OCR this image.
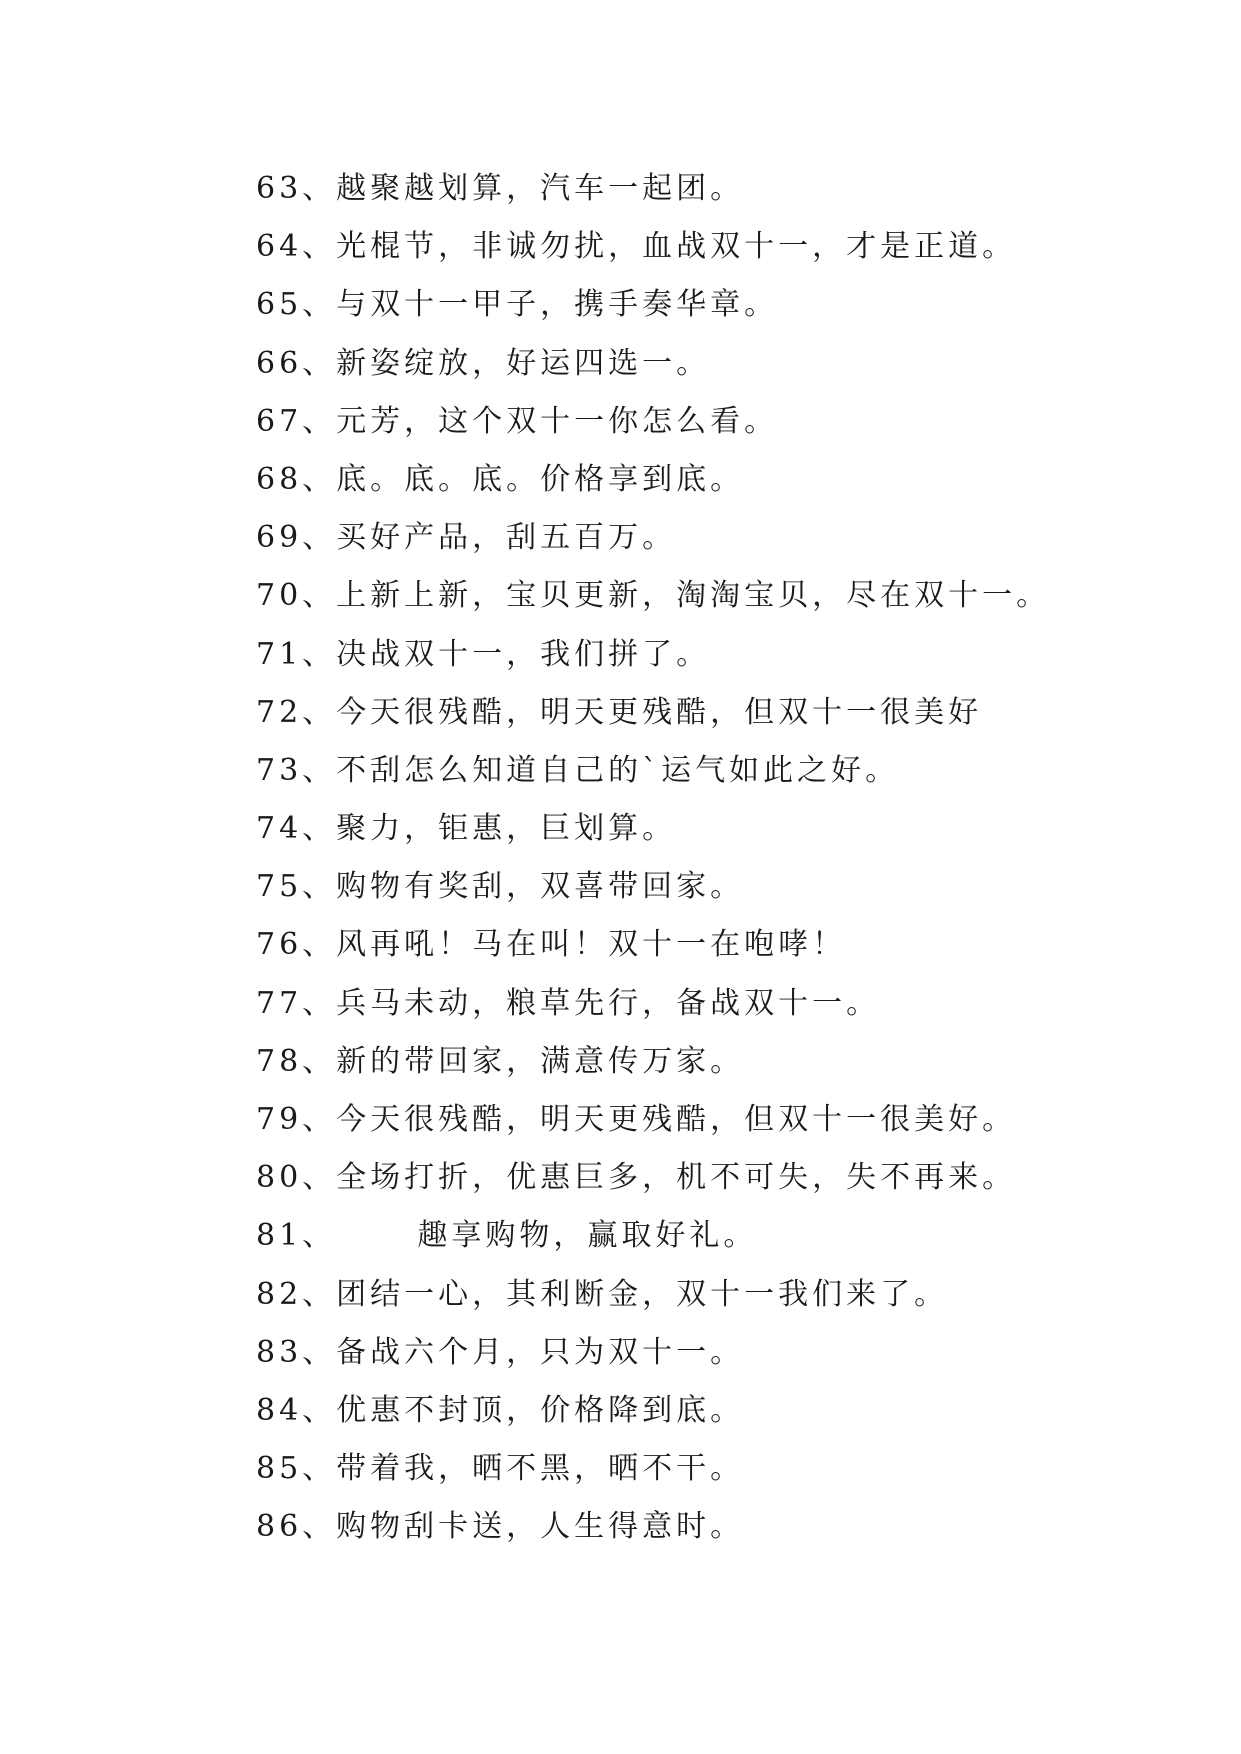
63、越聚越划算，汽车一起团。
64、光棍节，非诚勿扰，血战双十一，才是正道。
65、与双十一甲子，携手奏华章。
66、新姿绽放，好运四选一。
67、元芳，这个双十一你怎么看。
68、底。底。底。价格享到底。
69、买好产品，刮五百万。
70、上新上新，宝贝更新，淘淘宝贝，尽在双十一。
71、决战双十一，我们拼了。
72、今天很残酷，明天更残酷，但双十一很美好
73、不刮怎么知道自己的`运气如此之好。
74、聚力，钜惠，巨划算。
75、购物有奖刮，双喜带回家。
76、风再吼！马在叫！双十一在咆哮！
77、兵马未动，粮草先行，备战双十一。
78、新的带回家，满意传万家。
79、今天很残酷，明天更残酷，但双十一很美好。
80、全场打折，优惠巨多，机不可失，失不再来。
81、      趣享购物，赢取好礼。
82、团结一心，其利断金，双十一我们来了。
83、备战六个月，只为双十一。
84、优惠不封顶，价格降到底。
85、带着我，晒不黑，晒不干。
86、购物刮卡送，人生得意时。
